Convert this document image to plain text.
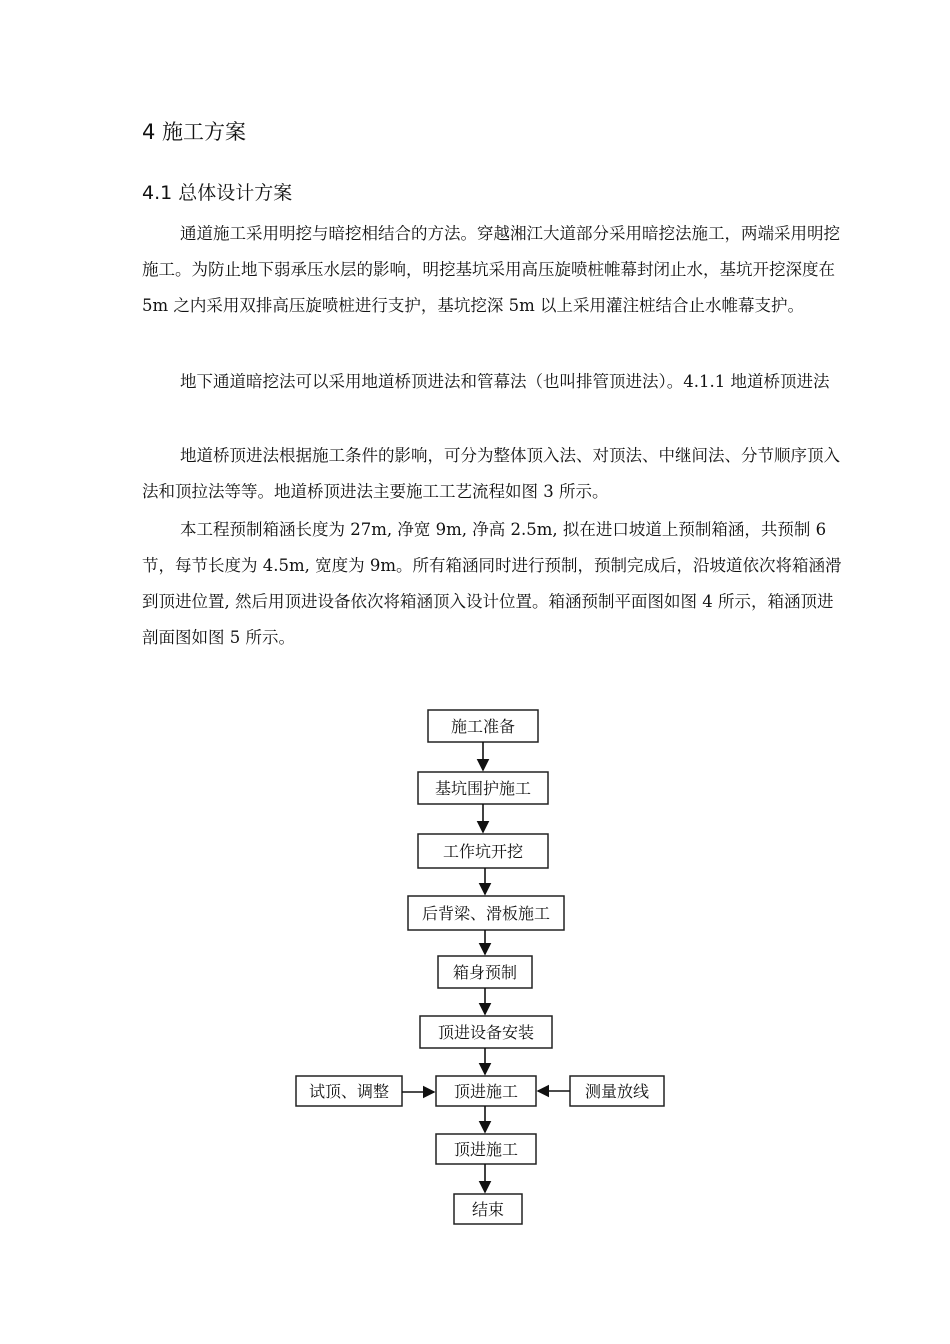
4 施工方案
4.1 总体设计方案

通道施工采用明挖与暗挖相结合的方法。穿越湘江大道部分采用暗挖法施工，两端采用明挖施工。为防止地下弱承压水层的影响，明挖基坑采用高压旋喷桩帷幕封闭止水，基坑开挖深度在 5m 之内采用双排高压旋喷桩进行支护，基坑挖深 5m 以上采用灌注桩结合止水帷幕支护。

地下通道暗挖法可以采用地道桥顶进法和管幕法（也叫排管顶进法）。4.1.1 地道桥顶进法

地道桥顶进法根据施工条件的影响，可分为整体顶入法、对顶法、中继间法、分节顺序顶入法和顶拉法等等。地道桥顶进法主要施工工艺流程如图 3 所示。

本工程预制箱涵长度为 27m, 净宽 9m, 净高 2.5m, 拟在进口坡道上预制箱涵，共预制 6 节，每节长度为 4.5m, 宽度为 9m。所有箱涵同时进行预制，预制完成后，沿坡道依次将箱涵滑到顶进位置, 然后用顶进设备依次将箱涵顶入设计位置。箱涵预制平面图如图 4 所示，箱涵顶进剖面图如图 5 所示。

施工准备
基坑围护施工
工作坑开挖
后背梁、滑板施工
箱身预制
顶进设备安装
顶进施工
顶进施工
结束
试顶、调整	测量放线
